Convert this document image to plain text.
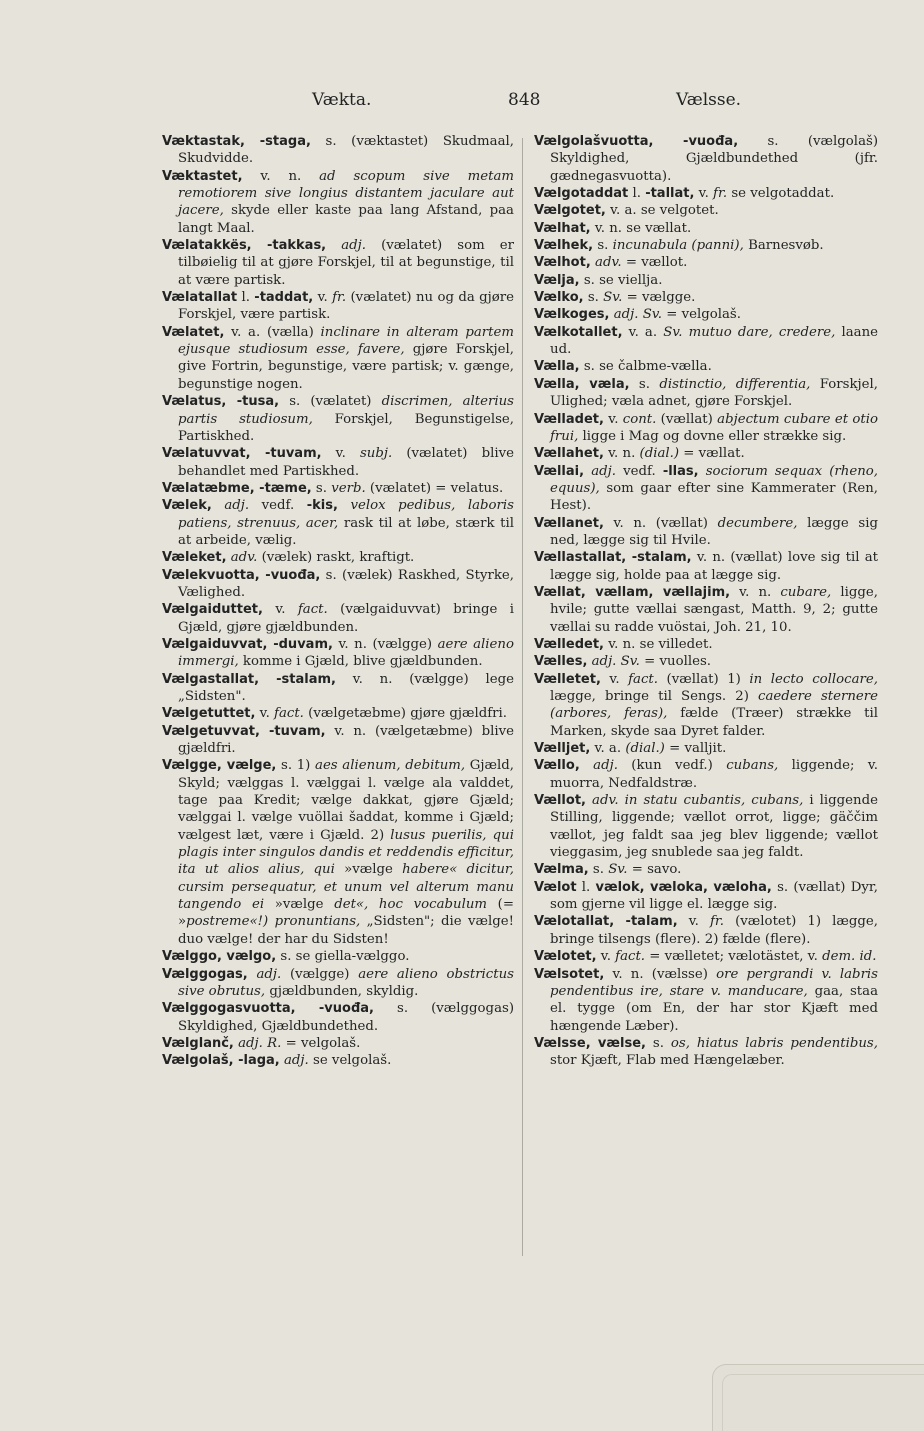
Vækta.	848	Vælsse.
Væktastak, -staga, s. (væktastet) Skudmaal, Skudvidde.
Væktastet, v. n. ad scopum sive metam remotiorem sive longius distantem jaculare aut jacere, skyde eller kaste paa lang Afstand, paa langt Maal.
Vælatakkës, -takkas, adj. (vælatet) som er tilbøielig til at gjøre Forskjel, til at begunstige, til at være partisk.
Vælatallat l. -taddat, v. fr. (vælatet) nu og da gjøre Forskjel, være partisk.
Vælatet, v. a. (vælla) inclinare in alteram partem ejusque studiosum esse, favere, gjøre Forskjel, give Fortrin, begunstige, være partisk; v. gænge, begunstige nogen.
Vælatus, -tusa, s. (vælatet) discrimen, alterius partis studiosum, Forskjel, Begunstigelse, Partiskhed.
Vælatuvvat, -tuvam, v. subj. (vælatet) blive behandlet med Partiskhed.
Vælatæbme, -tæme, s. verb. (vælatet) = velatus.
Vælek, adj. vedf. -kis, velox pedibus, laboris patiens, strenuus, acer, rask til at løbe, stærk til at arbeide, vælig.
Væleket, adv. (vælek) raskt, kraftigt.
Vælekvuotta, -vuođa, s. (vælek) Raskhed, Styrke, Vælighed.
Vælgaiduttet, v. fact. (vælgaiduvvat) bringe i Gjæld, gjøre gjældbunden.
Vælgaiduvvat, -duvam, v. n. (vælgge) aere alieno immergi, komme i Gjæld, blive gjældbunden.
Vælgastallat, -stalam, v. n. (vælgge) lege „Sidsten".
Vælgetuttet, v. fact. (vælgetæbme) gjøre gjældfri.
Vælgetuvvat, -tuvam, v. n. (vælgetæbme) blive gjældfri.
Vælgge, vælge, s. 1) aes alienum, debitum, Gjæld, Skyld; vælggas l. vælggai l. vælge ala valddet, tage paa Kredit; vælge dakkat, gjøre Gjæld; vælggai l. vælge vuöllai šaddat, komme i Gjæld; vælgest læt, være i Gjæld. 2) lusus puerilis, qui plagis inter singulos dandis et reddendis efficitur, ita ut alios alius, qui »vælge habere« dicitur, cursim persequatur, et unum vel alterum manu tangendo ei »vælge det«, hoc vocabulum (= »postreme«!) pronuntians, „Sidsten"; die vælge! duo vælge! der har du Sidsten!
Vælggo, vælgo, s. se giella-vælggo.
Vælggogas, adj. (vælgge) aere alieno obstrictus sive obrutus, gjældbunden, skyldig.
Vælggogasvuotta, -vuođa, s. (vælggogas) Skyldighed, Gjældbundethed.
Vælglanč, adj. R. = velgolaš.
Vælgolaš, -laga, adj. se velgolaš.
Vælgolašvuotta, -vuođa, s. (vælgolaš) Skyldighed, Gjældbundethed (jfr. gædnegasvuotta).
Vælgotaddat l. -tallat, v. fr. se velgotaddat.
Vælgotet, v. a. se velgotet.
Vælhat, v. n. se vællat.
Vælhek, s. incunabula (panni), Barnesvøb.
Vælhot, adv. = vællot.
Vælja, s. se viellja.
Vælko, s. Sv. = vælgge.
Vælkoges, adj. Sv. = velgolaš.
Vælkotallet, v. a. Sv. mutuo dare, credere, laane ud.
Vælla, s. se čalbme-vælla.
Vælla, væla, s. distinctio, differentia, Forskjel, Ulighed; væla adnet, gjøre Forskjel.
Vælladet, v. cont. (vællat) abjectum cubare et otio frui, ligge i Mag og dovne eller strække sig.
Vællahet, v. n. (dial.) = vællat.
Vællai, adj. vedf. -llas, sociorum sequax (rheno, equus), som gaar efter sine Kammerater (Ren, Hest).
Vællanet, v. n. (vællat) decumbere, lægge sig ned, lægge sig til Hvile.
Vællastallat, -stalam, v. n. (vællat) love sig til at lægge sig, holde paa at lægge sig.
Vællat, vællam, vællajim, v. n. cubare, ligge, hvile; gutte vællai sængast, Matth. 9, 2; gutte vællai su radde vuöstai, Joh. 21, 10.
Vælledet, v. n. se villedet.
Vælles, adj. Sv. = vuolles.
Vælletet, v. fact. (vællat) 1) in lecto collocare, lægge, bringe til Sengs. 2) caedere sternere (arbores, feras), fælde (Træer) strække til Marken, skyde saa Dyret falder.
Vælljet, v. a. (dial.) = valljit.
Vællo, adj. (kun vedf.) cubans, liggende; v. muorra, Nedfaldstræ.
Vællot, adv. in statu cubantis, cubans, i liggende Stilling, liggende; vællot orrot, ligge; gäččim vællot, jeg faldt saa jeg blev liggende; vællot vieggasim, jeg snublede saa jeg faldt.
Vælma, s. Sv. = savo.
Vælot l. vælok, væloka, væloha, s. (vællat) Dyr, som gjerne vil ligge el. lægge sig.
Vælotallat, -talam, v. fr. (vælotet) 1) lægge, bringe tilsengs (flere). 2) fælde (flere).
Vælotet, v. fact. = vælletet; vælotästet, v. dem. id.
Vælsotet, v. n. (vælsse) ore pergrandi v. labris pendentibus ire, stare v. manducare, gaa, staa el. tygge (om En, der har stor Kjæft med hængende Læber).
Vælsse, vælse, s. os, hiatus labris pendentibus, stor Kjæft, Flab med Hængelæber.
